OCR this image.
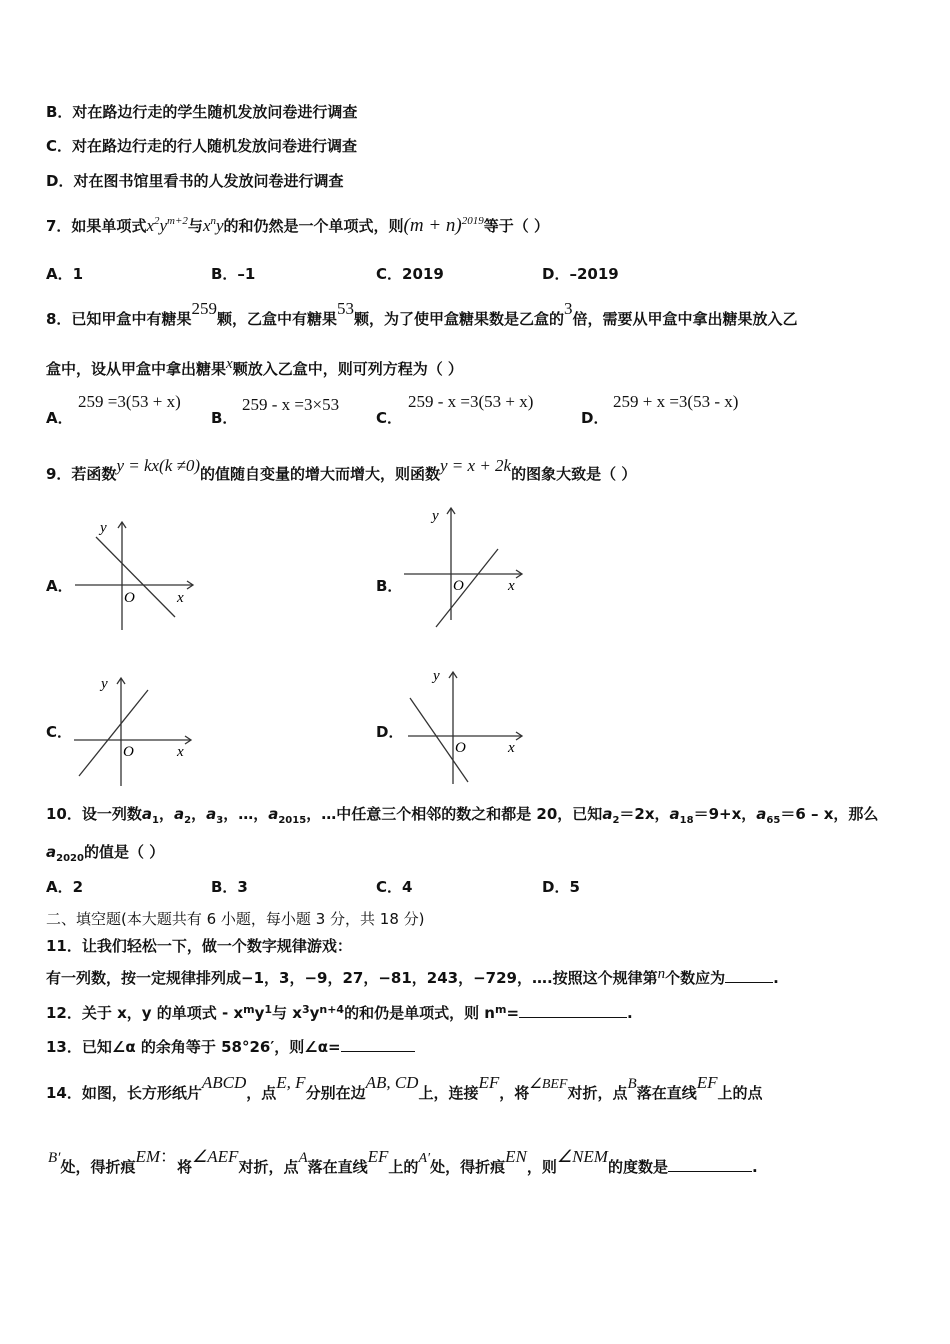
B．对在路边行走的学生随机发放问卷进行调查
C．对在路边行走的行人随机发放问卷进行调查
D．对在图书馆里看书的人发放问卷进行调查
7．如果单项式$x^2y^{m+2}$与$x^ny$的和仍然是一个单项式，则$(m + n)^{2019}$等于（ ）
A．1	B．–1	C．2019	D．–2019
8．已知甲盒中有糖果259颗，乙盒中有糖果53颗，为了使甲盒糖果数是乙盒的3倍，需要从甲盒中拿出糖果放入乙
盒中，设从甲盒中拿出糖果x颗放入乙盒中，则可列方程为（ ）
A．
259 =3(53 + x)
B．
259 - x =3×53
C．
259 - x =3(53 + x)
D．
259 + x =3(53 - x)
9．若函数y = kx(k ≠0)的值随自变量的增大而增大，则函数y = x + 2k的图象大致是（ ）
A．
y
x
O
B．
y
x
O
C．
y
x
O
D．
y
x
O
10．设一列数$a_1$，$a_2$，$a_3$，…，$a_{2015}$，…中任意三个相邻的数之和都是 20，已知$a_2=2x$，$a_{18}=9+x$，$a_{65}=6 - x$，那么
$a_{2020}$的值是（ ）
A．2	B．3	C．4	D．5
二、填空题(本大题共有 6 小题，每小题 3 分，共 18 分)
11．让我们轻松一下，做一个数字规律游戏：
有一列数，按一定规律排列成−1，3，−9，27，−81，243，−729，….按照这个规律第n个数应为	.
12．关于 x，y 的单项式 - $x^my^1$与 $x^3y^{n+4}$的和仍是单项式，则 $n^m=$	.
13．已知∠α 的余角等于 58°26′，则∠α=
14．如图，长方形纸片ABCD，点E, F分别在边AB, CD上，连接EF，将∠BEF对折，点B落在直线EF上的点
B′处，得折痕EM：将∠AEF对折，点A落在直线EF上的A′处，得折痕EN，则∠NEM的度数是	.
